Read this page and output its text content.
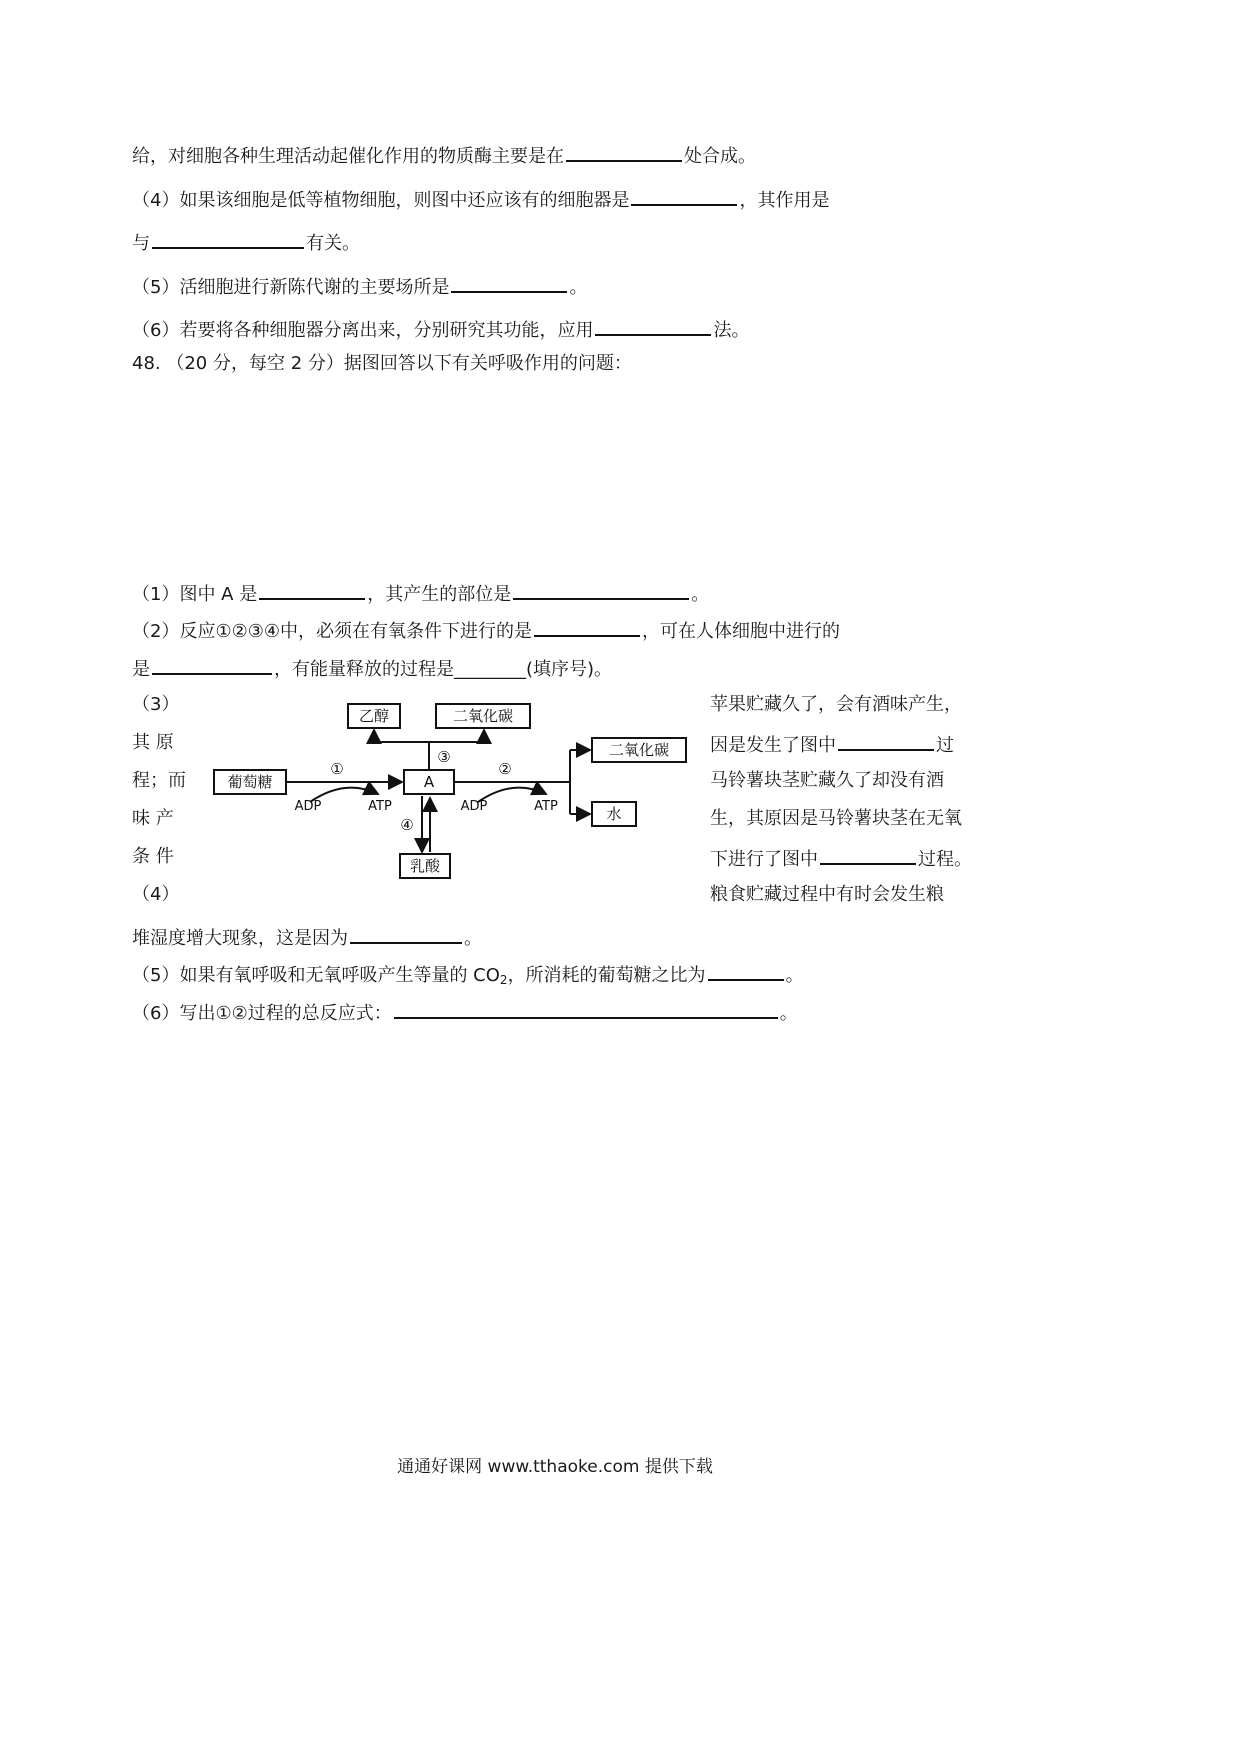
给，对细胞各种生理活动起催化作用的物质酶主要是在	处合成。
（4）如果该细胞是低等植物细胞，则图中还应该有的细胞器是	，其作用是
与	有关。
（5）活细胞进行新陈代谢的主要场所是	。
（6）若要将各种细胞器分离出来，分别研究其功能，应用	法。
48. （20 分，每空 2 分）据图回答以下有关呼吸作用的问题：
（1）图中 A 是	，其产生的部位是	。
（2）反应①②③④中，必须在有氧条件下进行的是	，可在人体细胞中进行的
是	，有能量释放的过程是________(填序号)。
（3）
其 原
程；而
味 产
条 件
（4）
苹果贮藏久了，会有酒味产生，
因是发生了图中	过
马铃薯块茎贮藏久了却没有酒
生，其原因是马铃薯块茎在无氧
下进行了图中	过程。
粮食贮藏过程中有时会发生粮
乙醇	二氧化碳
葡萄糖	A
二氧化碳
水
乳酸
①	②
③
④
ADP	ATP	ADP	ATP
堆湿度增大现象，这是因为	。
（5）如果有氧呼吸和无氧呼吸产生等量的 $CO_2$，所消耗的葡萄糖之比为	。
（6）写出①②过程的总反应式：	。
通通好课网 www.tthaoke.com 提供下载
